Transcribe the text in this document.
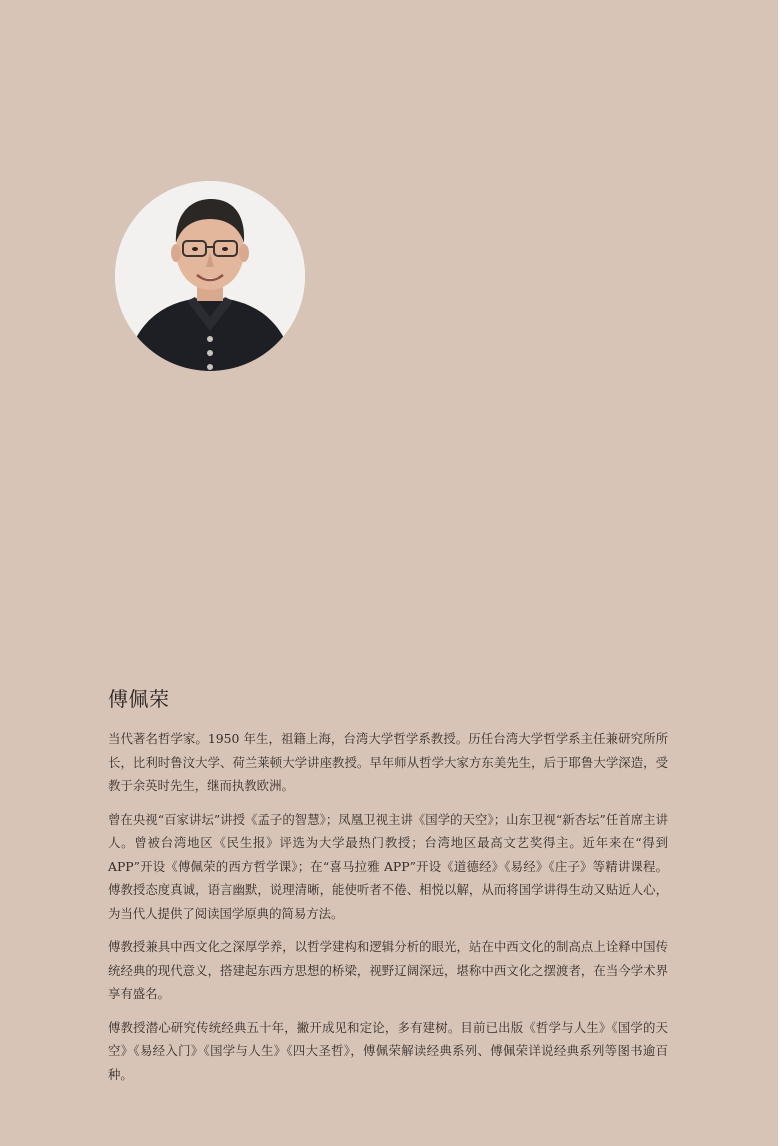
傅佩荣

当代著名哲学家。1950 年生，祖籍上海，台湾大学哲学系教授。历任台湾大学哲学系主任兼研究所所长，比利时鲁汶大学、荷兰莱顿大学讲座教授。早年师从哲学大家方东美先生，后于耶鲁大学深造，受教于余英时先生，继而执教欧洲。

曾在央视“百家讲坛”讲授《孟子的智慧》；凤凰卫视主讲《国学的天空》；山东卫视“新杏坛”任首席主讲人。曾被台湾地区《民生报》评选为大学最热门教授；台湾地区最高文艺奖得主。近年来在“得到 APP”开设《傅佩荣的西方哲学课》；在“喜马拉雅 APP”开设《道德经》《易经》《庄子》等精讲课程。傅教授态度真诚，语言幽默，说理清晰，能使听者不倦、相悦以解，从而将国学讲得生动又贴近人心，为当代人提供了阅读国学原典的简易方法。

傅教授兼具中西文化之深厚学养，以哲学建构和逻辑分析的眼光，站在中西文化的制高点上诠释中国传统经典的现代意义，搭建起东西方思想的桥梁，视野辽阔深远，堪称中西文化之摆渡者，在当今学术界享有盛名。

傅教授潜心研究传统经典五十年，撇开成见和定论，多有建树。目前已出版《哲学与人生》《国学的天空》《易经入门》《国学与人生》《四大圣哲》，傅佩荣解读经典系列、傅佩荣详说经典系列等图书逾百种。
